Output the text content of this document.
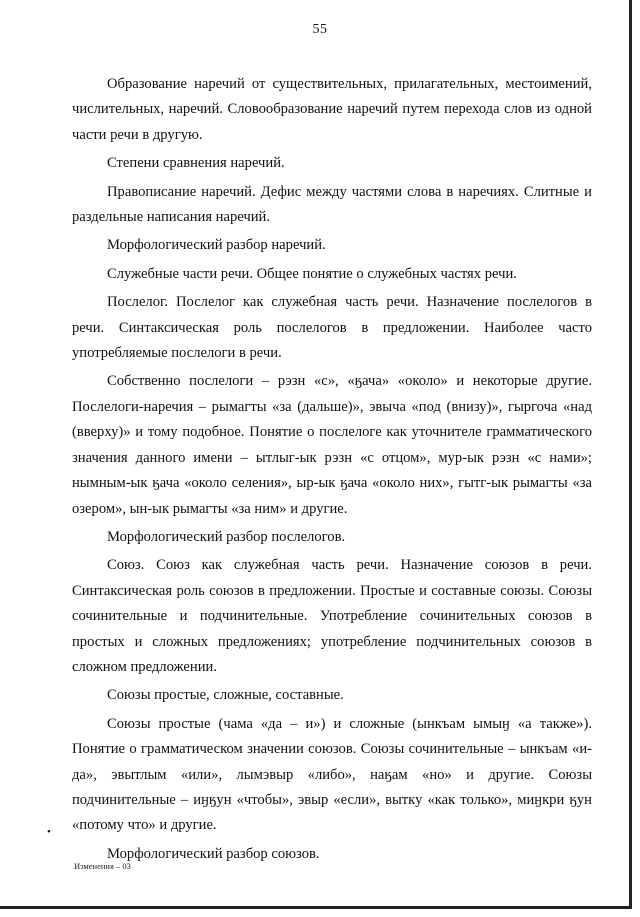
55

Образование наречий от существительных, прилагательных, местоимений, числительных, наречий. Словообразование наречий путем перехода слов из одной части речи в другую.

Степени сравнения наречий.

Правописание наречий. Дефис между частями слова в наречиях. Слитные и раздельные написания наречий.

Морфологический разбор наречий.

Служебные части речи. Общее понятие о служебных частях речи.

Послелог. Послелог как служебная часть речи. Назначение послелогов в речи. Синтаксическая роль послелогов в предложении. Наиболее часто употребляемые послелоги в речи.

Собственно послелоги – рэзн «с», «ӄача» «около» и некоторые другие. Послелоги-наречия – рымагты «за (дальше)», эвыча «под (внизу)», гыргоча «над (вверху)» и тому подобное. Понятие о послелоге как уточнителе грамматического значения данного имени – ытлыг-ык рэзн «с отцом», мур-ык рэзн «с нами»; нымным-ык ӄача «около селения», ыр-ык ӄача «около них», гытг-ык рымагты «за озером», ын-ык рымагты «за ним» и другие.

Морфологический разбор послелогов.

Союз. Союз как служебная часть речи. Назначение союзов в речи. Синтаксическая роль союзов в предложении. Простые и составные союзы. Союзы сочинительные и подчинительные. Употребление сочинительных союзов в простых и сложных предложениях; употребление подчинительных союзов в сложном предложении.

Союзы простые, сложные, составные.

Союзы простые (чама «да – и») и сложные (ынкъам ымыӈ «а также»). Понятие о грамматическом значении союзов. Союзы сочинительные – ынкъам «и-да», эвытлым «или», лымэвыр «либо», наӄам «но» и другие. Союзы подчинительные – иӈӄун «чтобы», эвыр «если», вытку «как только», миӈкри ӄун «потому что» и другие.

Морфологический разбор союзов.

•
Изменения – 03
